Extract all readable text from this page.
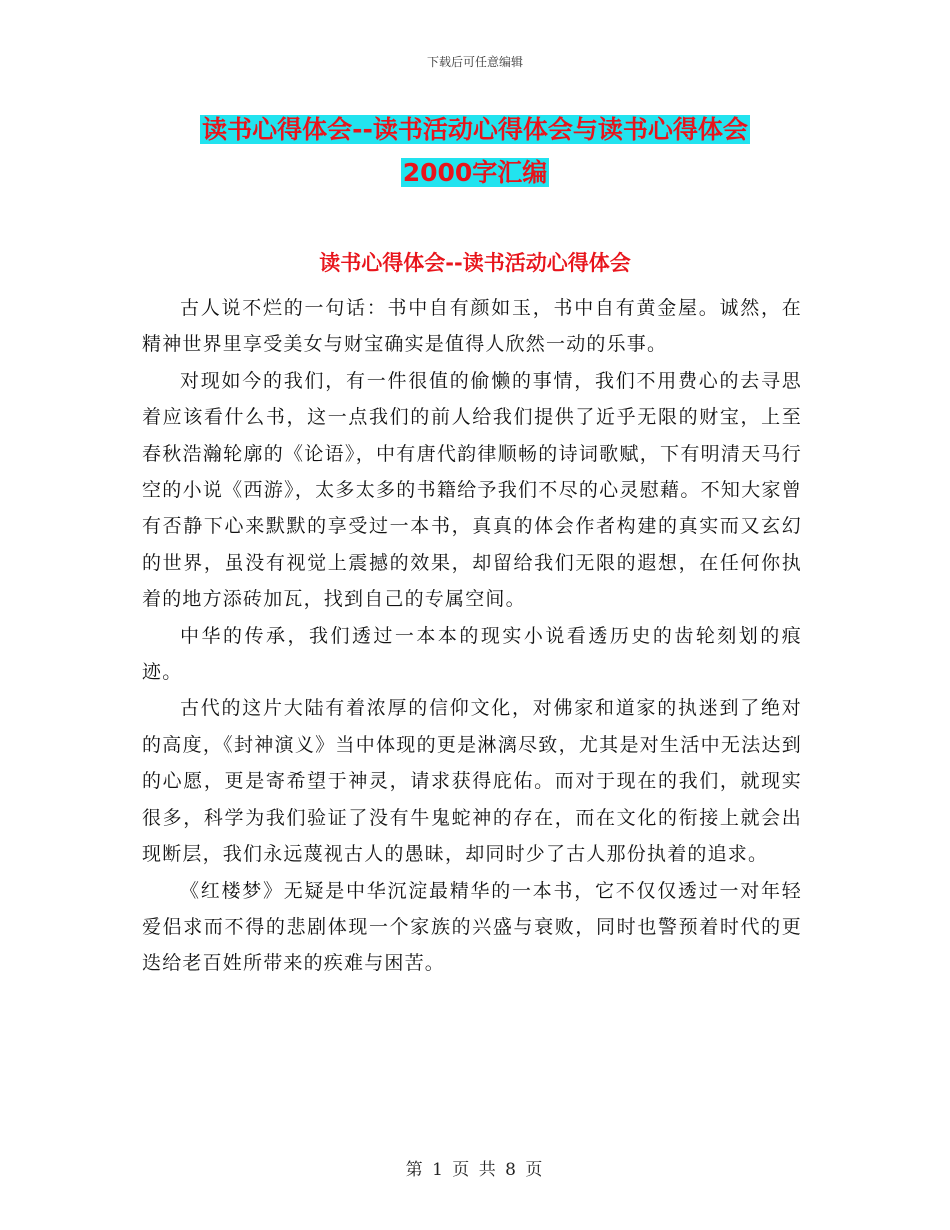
下载后可任意编辑
读书心得体会--读书活动心得体会与读书心得体会
2000字汇编
读书心得体会--读书活动心得体会

古人说不烂的一句话：书中自有颜如玉，书中自有黄金屋。诚然，在精神世界里享受美女与财宝确实是值得人欣然一动的乐事。

对现如今的我们，有一件很值的偷懒的事情，我们不用费心的去寻思着应该看什么书，这一点我们的前人给我们提供了近乎无限的财宝，上至春秋浩瀚轮廓的《论语》，中有唐代韵律顺畅的诗词歌赋，下有明清天马行空的小说《西游》，太多太多的书籍给予我们不尽的心灵慰藉。不知大家曾有否静下心来默默的享受过一本书，真真的体会作者构建的真实而又玄幻的世界，虽没有视觉上震撼的效果，却留给我们无限的遐想，在任何你执着的地方添砖加瓦，找到自己的专属空间。

中华的传承，我们透过一本本的现实小说看透历史的齿轮刻划的痕迹。

古代的这片大陆有着浓厚的信仰文化，对佛家和道家的执迷到了绝对的高度，《封神演义》当中体现的更是淋漓尽致，尤其是对生活中无法达到的心愿，更是寄希望于神灵，请求获得庇佑。而对于现在的我们，就现实很多，科学为我们验证了没有牛鬼蛇神的存在，而在文化的衔接上就会出现断层，我们永远蔑视古人的愚昧，却同时少了古人那份执着的追求。

《红楼梦》无疑是中华沉淀最精华的一本书，它不仅仅透过一对年轻爱侣求而不得的悲剧体现一个家族的兴盛与衰败，同时也警预着时代的更迭给老百姓所带来的疾难与困苦。

第 1 页 共 8 页
